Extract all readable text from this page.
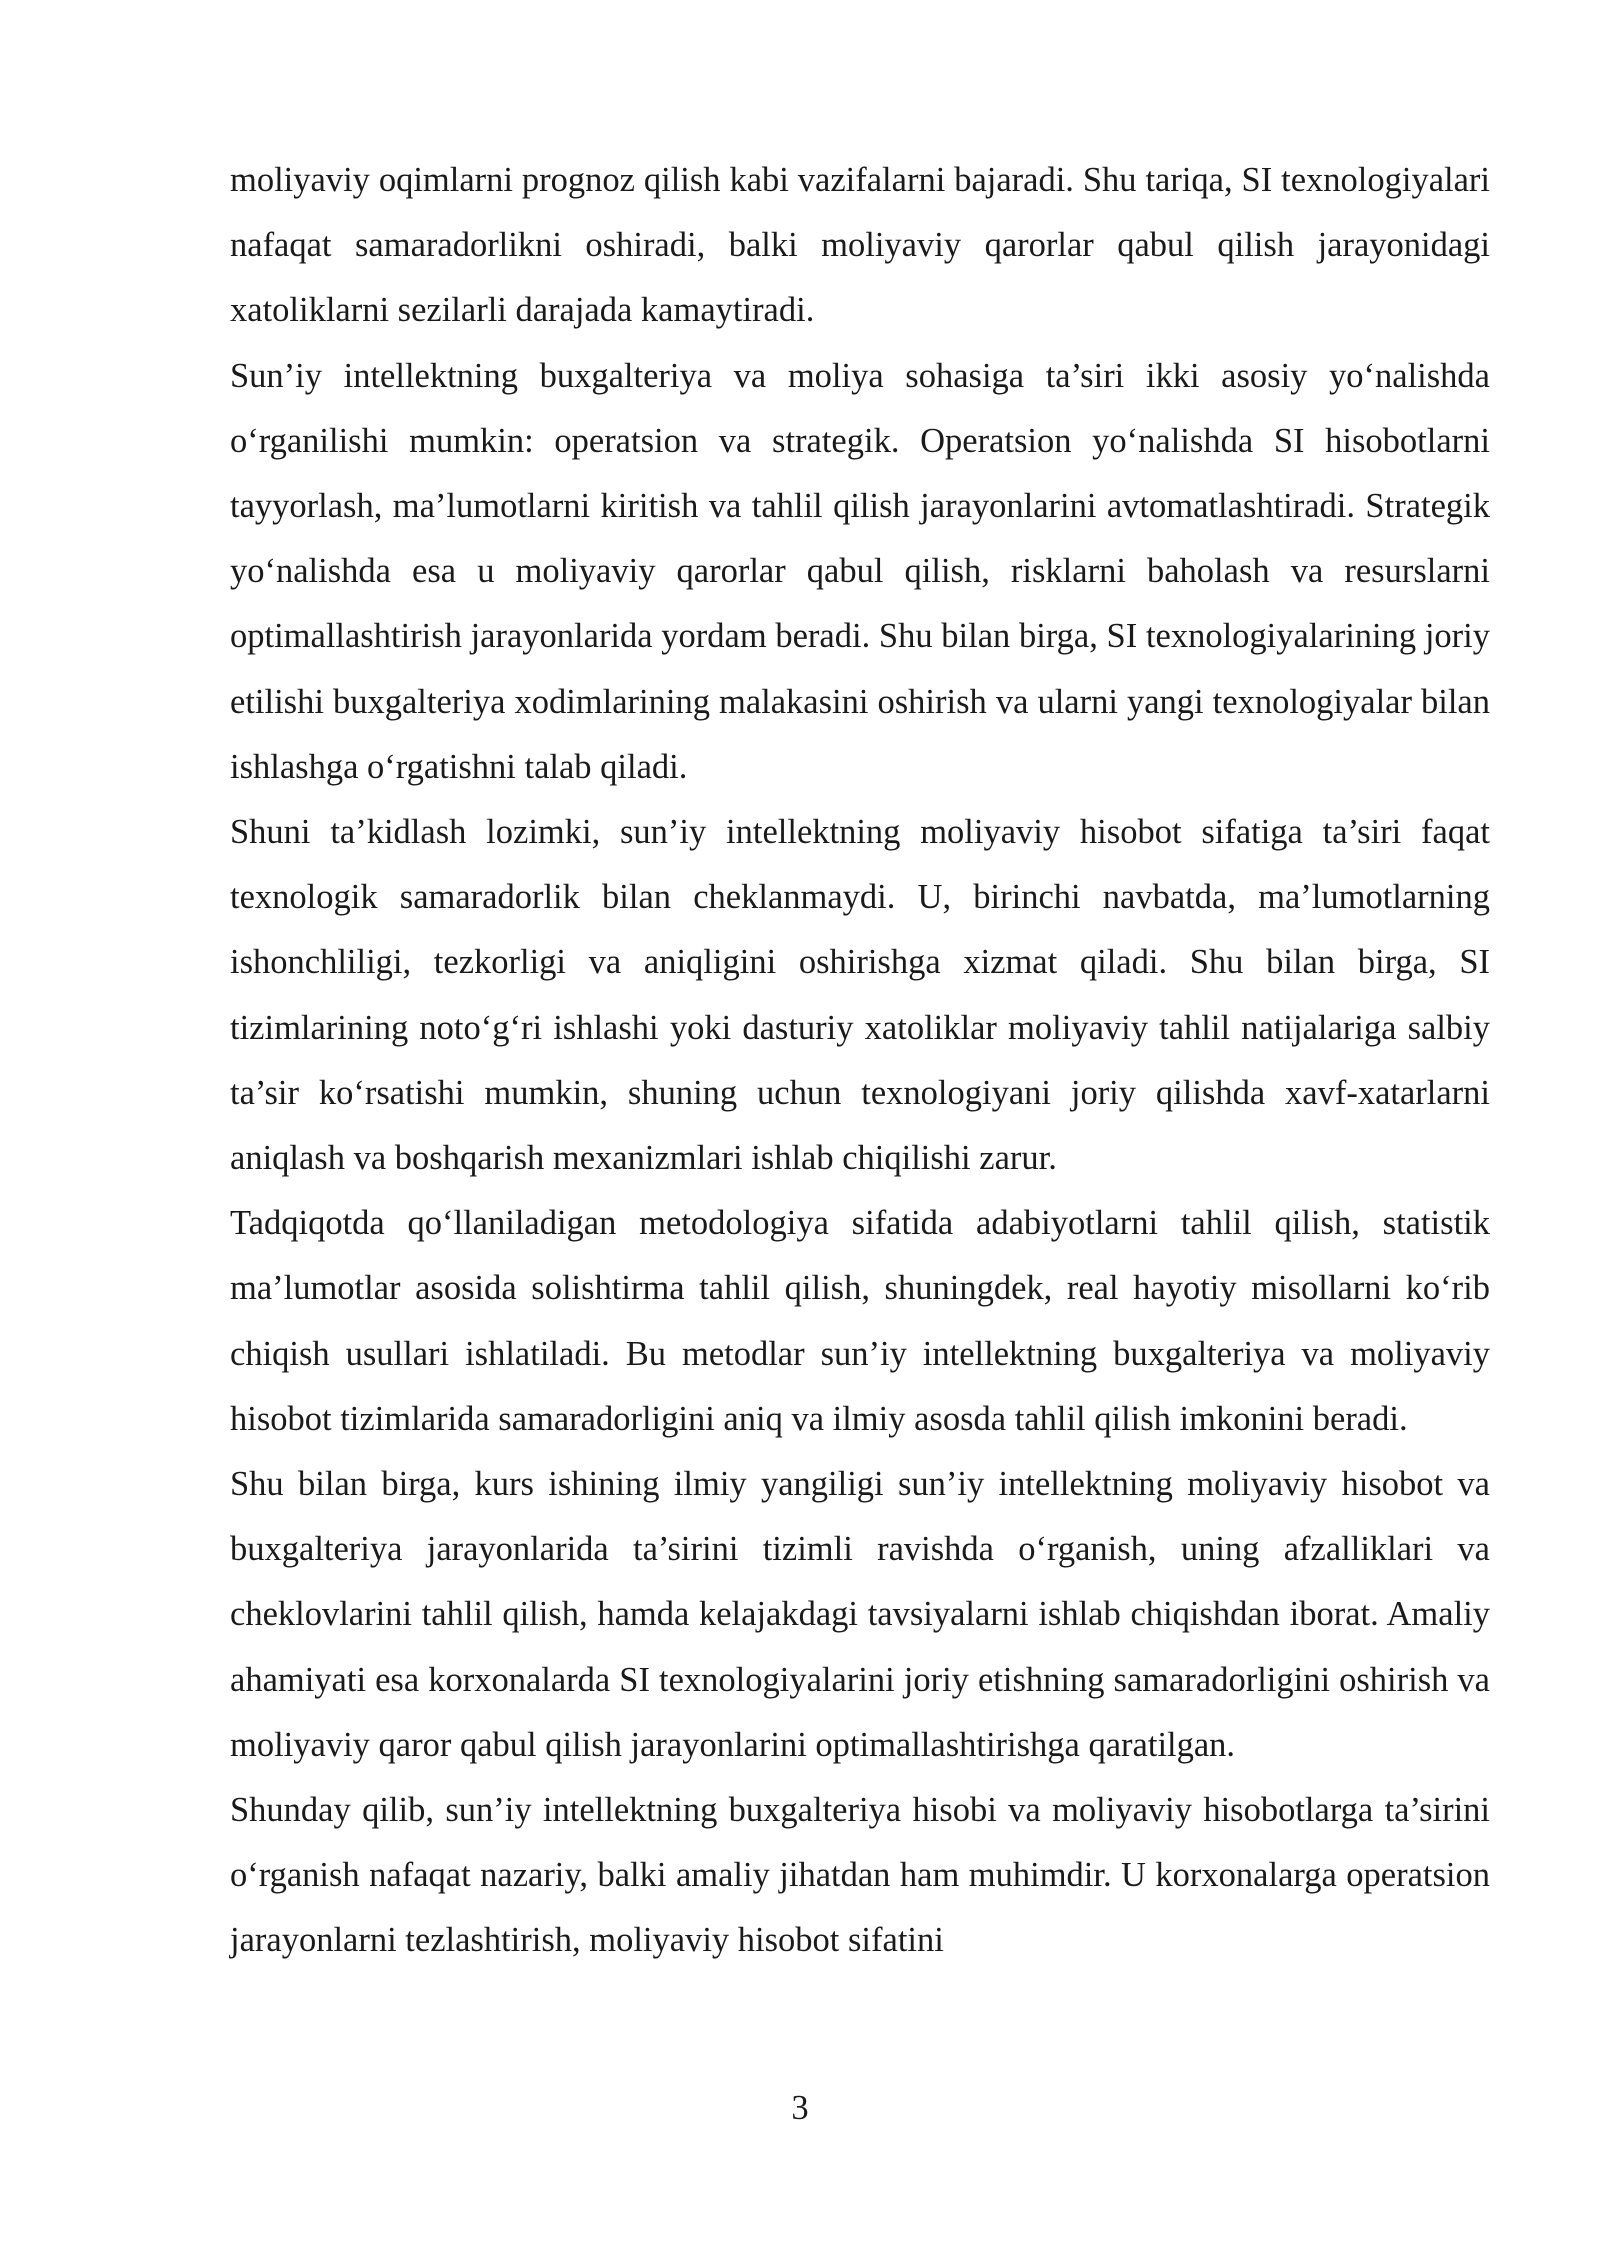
moliyaviy oqimlarni prognoz qilish kabi vazifalarni bajaradi. Shu tariqa, SI texnologiyalari nafaqat samaradorlikni oshiradi, balki moliyaviy qarorlar qabul qilish jarayonidagi xatoliklarni sezilarli darajada kamaytiradi.

Sun’iy intellektning buxgalteriya va moliya sohasiga ta’siri ikki asosiy yo‘nalishda o‘rganilishi mumkin: operatsion va strategik. Operatsion yo‘nalishda SI hisobotlarni tayyorlash, ma’lumotlarni kiritish va tahlil qilish jarayonlarini avtomatlashtiradi. Strategik yo‘nalishda esa u moliyaviy qarorlar qabul qilish, risklarni baholash va resurslarni optimallashtirish jarayonlarida yordam beradi. Shu bilan birga, SI texnologiyalarining joriy etilishi buxgalteriya xodimlarining malakasini oshirish va ularni yangi texnologiyalar bilan ishlashga o‘rgatishni talab qiladi.

Shuni ta’kidlash lozimki, sun’iy intellektning moliyaviy hisobot sifatiga ta’siri faqat texnologik samaradorlik bilan cheklanmaydi. U, birinchi navbatda, ma’lumotlarning ishonchliligi, tezkorligi va aniqligini oshirishga xizmat qiladi. Shu bilan birga, SI tizimlarining noto‘g‘ri ishlashi yoki dasturiy xatoliklar moliyaviy tahlil natijalariga salbiy ta’sir ko‘rsatishi mumkin, shuning uchun texnologiyani joriy qilishda xavf-xatarlarni aniqlash va boshqarish mexanizmlari ishlab chiqilishi zarur.

Tadqiqotda qo‘llaniladigan metodologiya sifatida adabiyotlarni tahlil qilish, statistik ma’lumotlar asosida solishtirma tahlil qilish, shuningdek, real hayotiy misollarni ko‘rib chiqish usullari ishlatiladi. Bu metodlar sun’iy intellektning buxgalteriya va moliyaviy hisobot tizimlarida samaradorligini aniq va ilmiy asosda tahlil qilish imkonini beradi.

Shu bilan birga, kurs ishining ilmiy yangiligi sun’iy intellektning moliyaviy hisobot va buxgalteriya jarayonlarida ta’sirini tizimli ravishda o‘rganish, uning afzalliklari va cheklovlarini tahlil qilish, hamda kelajakdagi tavsiyalarni ishlab chiqishdan iborat. Amaliy ahamiyati esa korxonalarda SI texnologiyalarini joriy etishning samaradorligini oshirish va moliyaviy qaror qabul qilish jarayonlarini optimallashtirishga qaratilgan.

Shunday qilib, sun’iy intellektning buxgalteriya hisobi va moliyaviy hisobotlarga ta’sirini o‘rganish nafaqat nazariy, balki amaliy jihatdan ham muhimdir. U korxonalarga operatsion jarayonlarni tezlashtirish, moliyaviy hisobot sifatini

3
